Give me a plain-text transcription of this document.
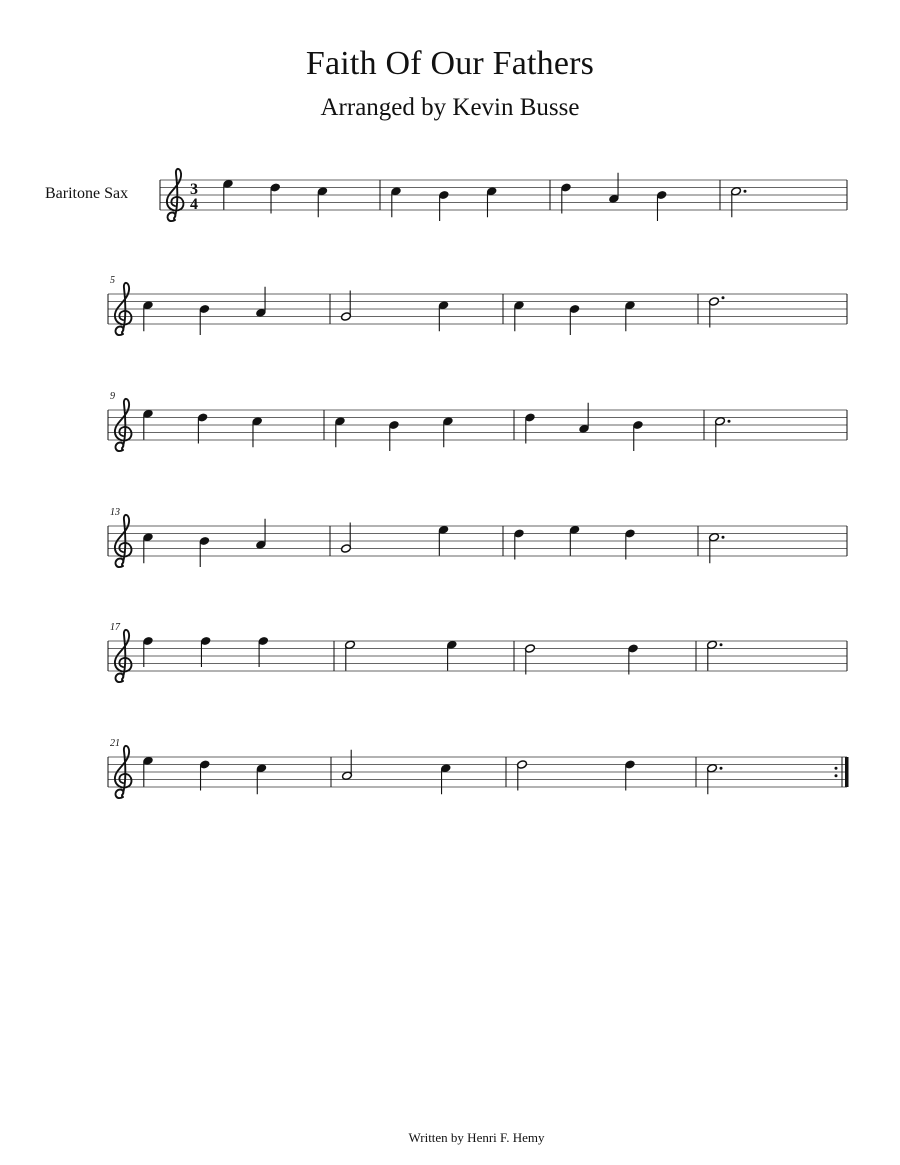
Faith Of Our Fathers
Arranged by Kevin Busse
Baritone Sax	3
4
5
9
13
17
21
Written by Henri F. Hemy
